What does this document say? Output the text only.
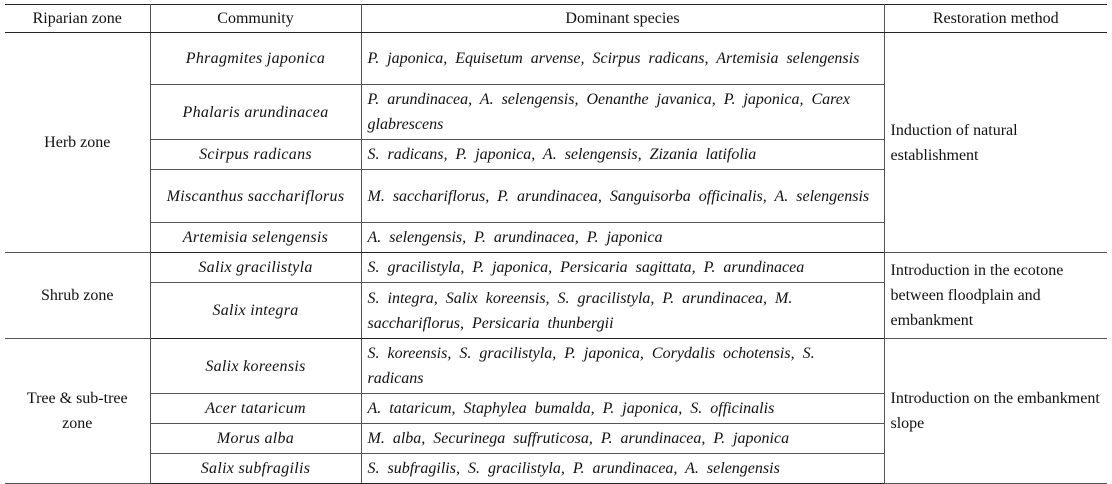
Riparian zone	Community	Dominant species	Restoration method
Herb zone	Phragmites japonica	P. japonica, Equisetum arvense, Scirpus radicans, Artemisia selengensis	Induction of natural establishment
	Phalaris arundinacea	P. arundinacea, A. selengensis, Oenanthe javanica, P. japonica, Carex glabrescens	
	Scirpus radicans	S. radicans, P. japonica, A. selengensis, Zizania latifolia	
	Miscanthus sacchariflorus	M. sacchariflorus, P. arundinacea, Sanguisorba officinalis, A. selengensis	
	Artemisia selengensis	A. selengensis, P. arundinacea, P. japonica	
Shrub zone	Salix gracilistyla	S. gracilistyla, P. japonica, Persicaria sagittata, P. arundinacea	Introduction in the ecotone between floodplain and embankment
	Salix integra	S. integra, Salix koreensis, S. gracilistyla, P. arundinacea, M. sacchariflorus, Persicaria thunbergii	
Tree & sub-tree zone	Salix koreensis	S. koreensis, S. gracilistyla, P. japonica, Corydalis ochotensis, S. radicans	Introduction on the embankment slope
	Acer tataricum	A. tataricum, Staphylea bumalda, P. japonica, S. officinalis	
	Morus alba	M. alba, Securinega suffruticosa, P. arundinacea, P. japonica	
	Salix subfragilis	S. subfragilis, S. gracilistyla, P. arundinacea, A. selengensis	
